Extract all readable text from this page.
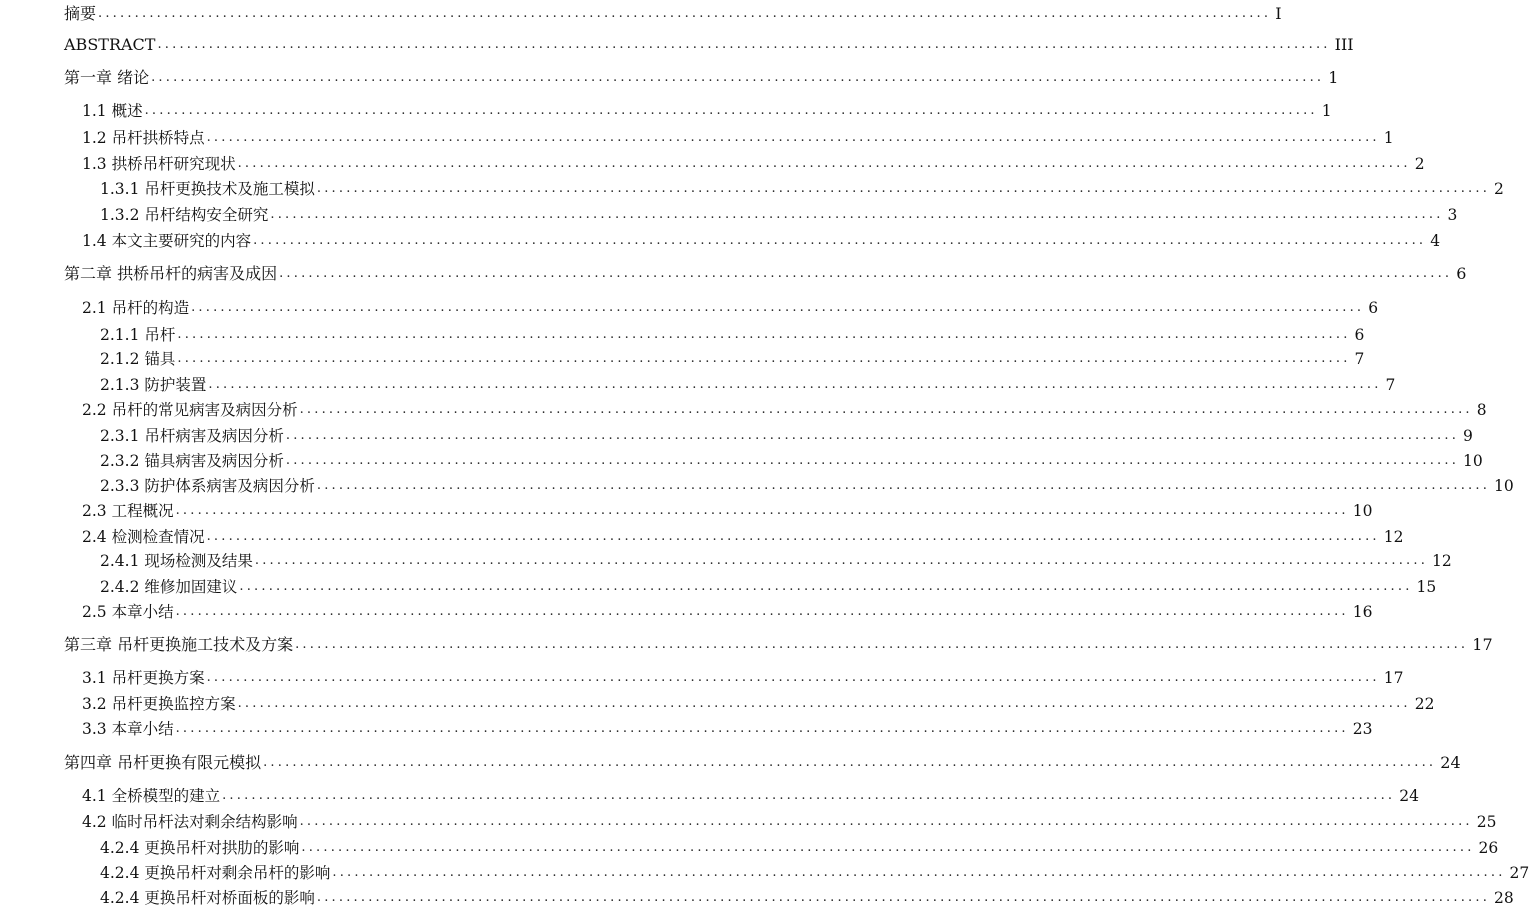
摘要 ................................................................................................................................................................ I
ABSTRACT ................................................................................................................................................................ III
第一章 绪论 ................................................................................................................................................................ 1
1.1 概述 ................................................................................................................................................................ 1
1.2 吊杆拱桥特点 ................................................................................................................................................................ 1
1.3 拱桥吊杆研究现状 ................................................................................................................................................................ 2
1.3.1 吊杆更换技术及施工模拟 ................................................................................................................................................................ 2
1.3.2 吊杆结构安全研究 ................................................................................................................................................................ 3
1.4 本文主要研究的内容 ................................................................................................................................................................ 4
第二章 拱桥吊杆的病害及成因 ................................................................................................................................................................ 6
2.1 吊杆的构造 ................................................................................................................................................................ 6
2.1.1 吊杆 ................................................................................................................................................................ 6
2.1.2 锚具 ................................................................................................................................................................ 7
2.1.3 防护装置 ................................................................................................................................................................ 7
2.2 吊杆的常见病害及病因分析 ................................................................................................................................................................ 8
2.3.1 吊杆病害及病因分析 ................................................................................................................................................................ 9
2.3.2 锚具病害及病因分析 ................................................................................................................................................................ 10
2.3.3 防护体系病害及病因分析 ................................................................................................................................................................ 10
2.3 工程概况 ................................................................................................................................................................ 10
2.4 检测检查情况 ................................................................................................................................................................ 12
2.4.1 现场检测及结果 ................................................................................................................................................................ 12
2.4.2 维修加固建议 ................................................................................................................................................................ 15
2.5 本章小结 ................................................................................................................................................................ 16
第三章 吊杆更换施工技术及方案 ................................................................................................................................................................ 17
3.1 吊杆更换方案 ................................................................................................................................................................ 17
3.2 吊杆更换监控方案 ................................................................................................................................................................ 22
3.3 本章小结 ................................................................................................................................................................ 23
第四章 吊杆更换有限元模拟 ................................................................................................................................................................ 24
4.1 全桥模型的建立 ................................................................................................................................................................ 24
4.2 临时吊杆法对剩余结构影响 ................................................................................................................................................................ 25
4.2.4 更换吊杆对拱肋的影响 ................................................................................................................................................................ 26
4.2.4 更换吊杆对剩余吊杆的影响 ................................................................................................................................................................ 27
4.2.4 更换吊杆对桥面板的影响 ................................................................................................................................................................ 28
